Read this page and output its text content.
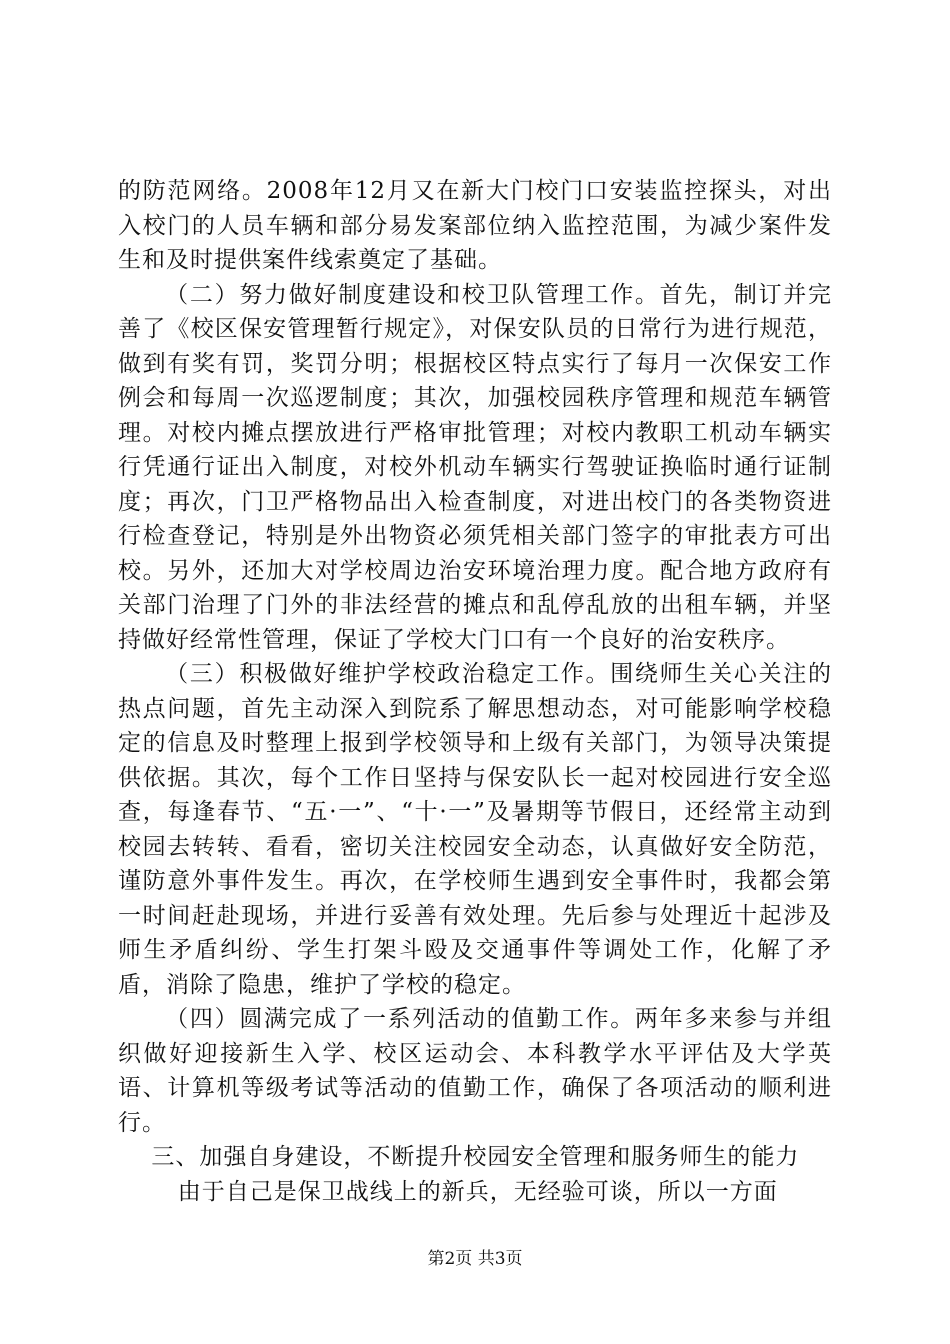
的防范网络。2008年12月又在新大门校门口安装监控探头，对出入校门的人员车辆和部分易发案部位纳入监控范围，为减少案件发生和及时提供案件线索奠定了基础。

（二）努力做好制度建设和校卫队管理工作。首先，制订并完善了《校区保安管理暂行规定》，对保安队员的日常行为进行规范，做到有奖有罚，奖罚分明；根据校区特点实行了每月一次保安工作例会和每周一次巡逻制度；其次，加强校园秩序管理和规范车辆管理。对校内摊点摆放进行严格审批管理；对校内教职工机动车辆实行凭通行证出入制度，对校外机动车辆实行驾驶证换临时通行证制度；再次，门卫严格物品出入检查制度，对进出校门的各类物资进行检查登记，特别是外出物资必须凭相关部门签字的审批表方可出校。另外，还加大对学校周边治安环境治理力度。配合地方政府有关部门治理了门外的非法经营的摊点和乱停乱放的出租车辆，并坚持做好经常性管理，保证了学校大门口有一个良好的治安秩序。

（三）积极做好维护学校政治稳定工作。围绕师生关心关注的热点问题，首先主动深入到院系了解思想动态，对可能影响学校稳定的信息及时整理上报到学校领导和上级有关部门，为领导决策提供依据。其次，每个工作日坚持与保安队长一起对校园进行安全巡查，每逢春节、“五·一”、“十·一”及暑期等节假日，还经常主动到校园去转转、看看，密切关注校园安全动态，认真做好安全防范，谨防意外事件发生。再次，在学校师生遇到安全事件时，我都会第一时间赶赴现场，并进行妥善有效处理。先后参与处理近十起涉及师生矛盾纠纷、学生打架斗殴及交通事件等调处工作，化解了矛盾，消除了隐患，维护了学校的稳定。

（四）圆满完成了一系列活动的值勤工作。两年多来参与并组织做好迎接新生入学、校区运动会、本科教学水平评估及大学英语、计算机等级考试等活动的值勤工作，确保了各项活动的顺利进行。

三、加强自身建设，不断提升校园安全管理和服务师生的能力

由于自己是保卫战线上的新兵，无经验可谈，所以一方面

第2页 共3页
